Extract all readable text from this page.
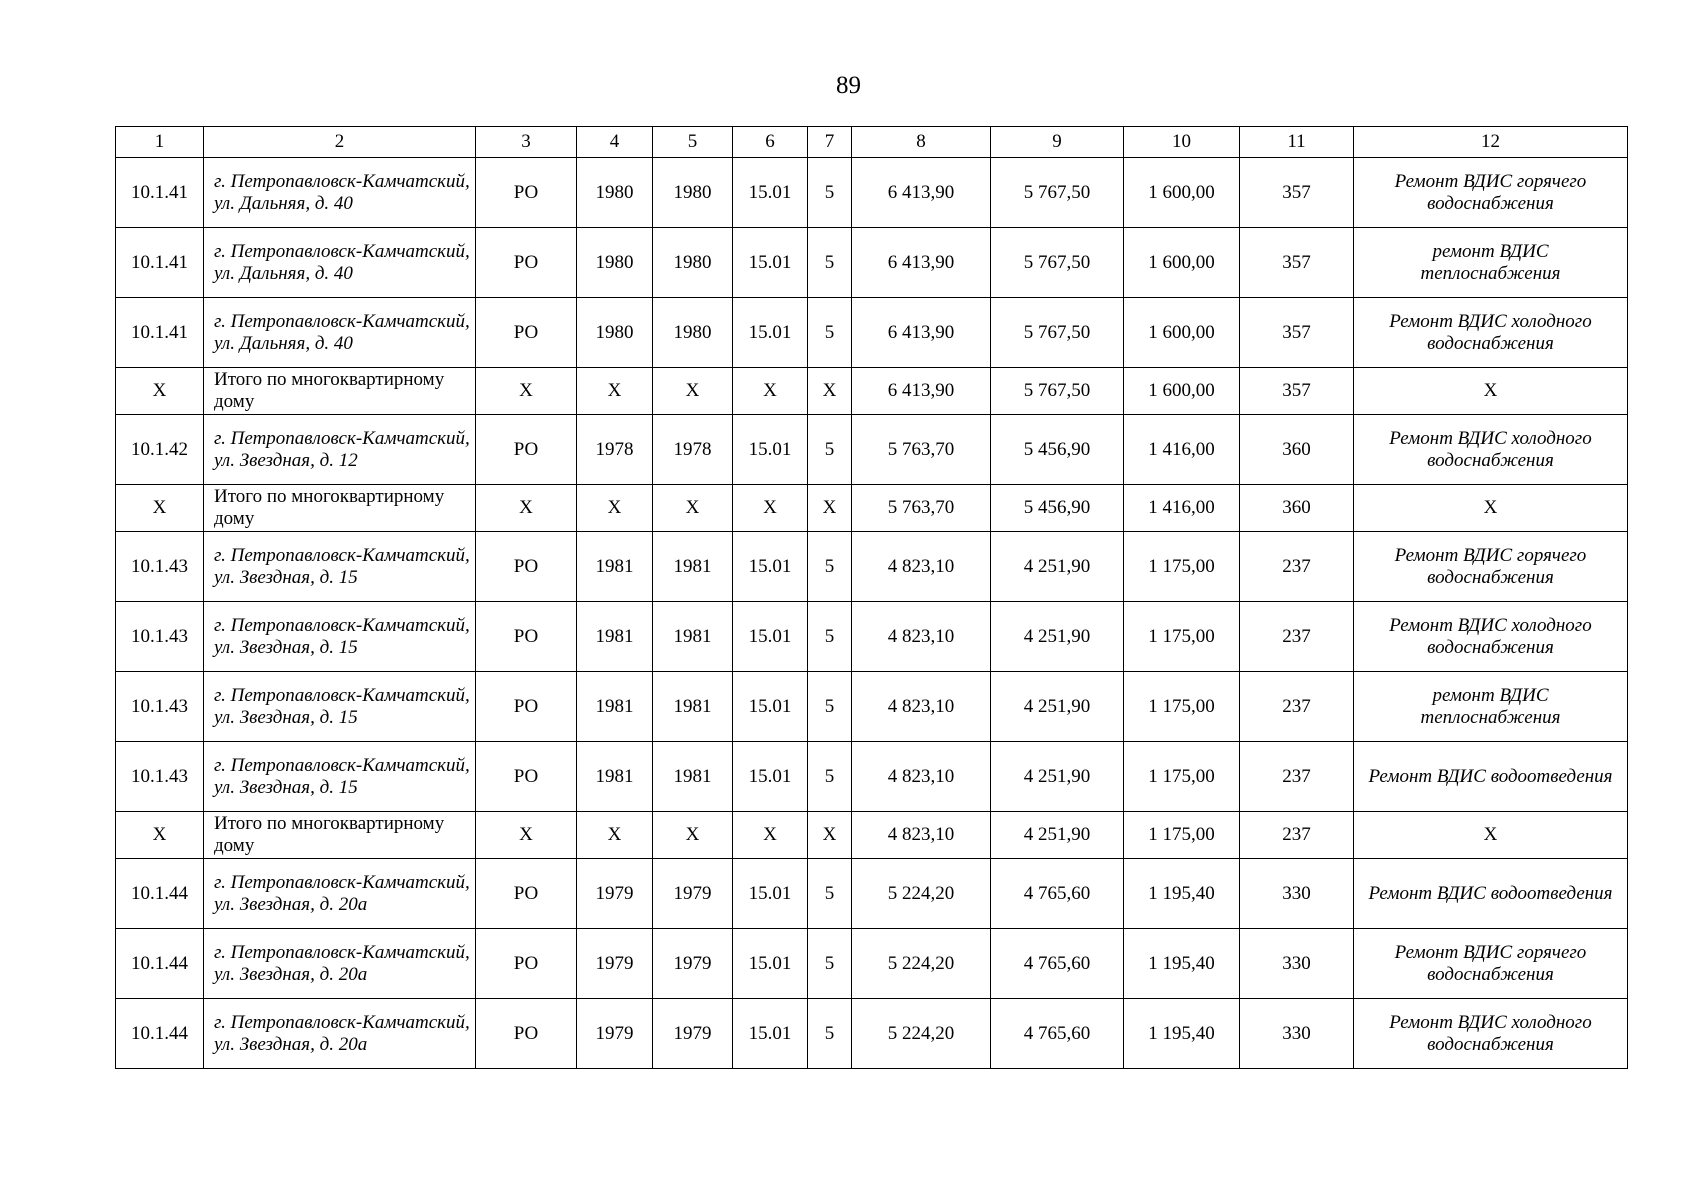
89
1	2	3	4	5	6	7	8	9	10	11	12
10.1.41	г. Петропавловск-Камчатский, ул. Дальняя, д. 40	РО	1980	1980	15.01	5	6 413,90	5 767,50	1 600,00	357	Ремонт ВДИС горячего водоснабжения
10.1.41	г. Петропавловск-Камчатский, ул. Дальняя, д. 40	РО	1980	1980	15.01	5	6 413,90	5 767,50	1 600,00	357	ремонт ВДИС теплоснабжения
10.1.41	г. Петропавловск-Камчатский, ул. Дальняя, д. 40	РО	1980	1980	15.01	5	6 413,90	5 767,50	1 600,00	357	Ремонт ВДИС холодного водоснабжения
X	Итого по многоквартирному дому	X	X	X	X	X	6 413,90	5 767,50	1 600,00	357	X
10.1.42	г. Петропавловск-Камчатский, ул. Звездная, д. 12	РО	1978	1978	15.01	5	5 763,70	5 456,90	1 416,00	360	Ремонт ВДИС холодного водоснабжения
X	Итого по многоквартирному дому	X	X	X	X	X	5 763,70	5 456,90	1 416,00	360	X
10.1.43	г. Петропавловск-Камчатский, ул. Звездная, д. 15	РО	1981	1981	15.01	5	4 823,10	4 251,90	1 175,00	237	Ремонт ВДИС горячего водоснабжения
10.1.43	г. Петропавловск-Камчатский, ул. Звездная, д. 15	РО	1981	1981	15.01	5	4 823,10	4 251,90	1 175,00	237	Ремонт ВДИС холодного водоснабжения
10.1.43	г. Петропавловск-Камчатский, ул. Звездная, д. 15	РО	1981	1981	15.01	5	4 823,10	4 251,90	1 175,00	237	ремонт ВДИС теплоснабжения
10.1.43	г. Петропавловск-Камчатский, ул. Звездная, д. 15	РО	1981	1981	15.01	5	4 823,10	4 251,90	1 175,00	237	Ремонт ВДИС водоотведения
X	Итого по многоквартирному дому	X	X	X	X	X	4 823,10	4 251,90	1 175,00	237	X
10.1.44	г. Петропавловск-Камчатский, ул. Звездная, д. 20а	РО	1979	1979	15.01	5	5 224,20	4 765,60	1 195,40	330	Ремонт ВДИС водоотведения
10.1.44	г. Петропавловск-Камчатский, ул. Звездная, д. 20а	РО	1979	1979	15.01	5	5 224,20	4 765,60	1 195,40	330	Ремонт ВДИС горячего водоснабжения
10.1.44	г. Петропавловск-Камчатский, ул. Звездная, д. 20а	РО	1979	1979	15.01	5	5 224,20	4 765,60	1 195,40	330	Ремонт ВДИС холодного водоснабжения
